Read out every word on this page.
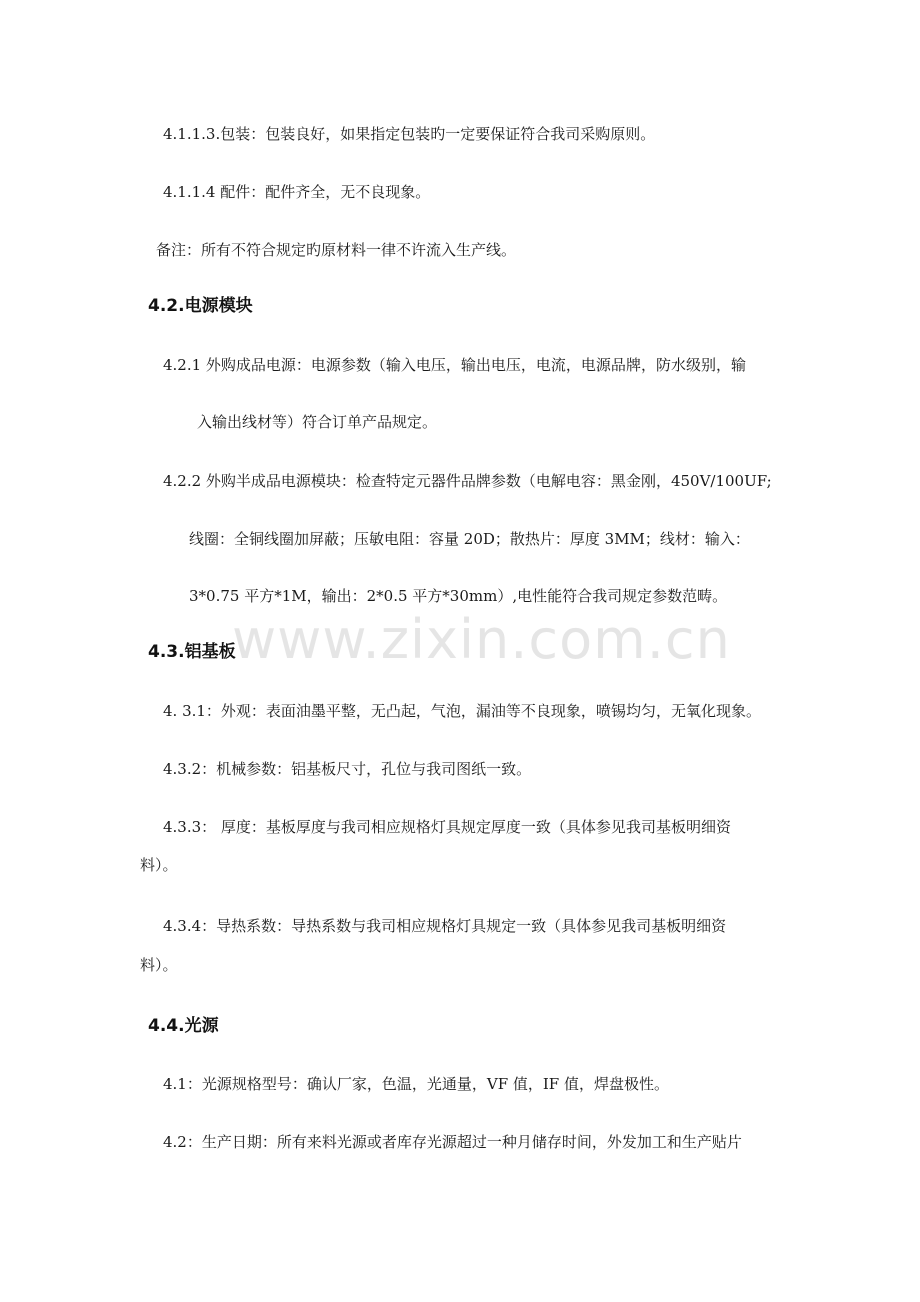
4.1.1.3.包装：包装良好，如果指定包装旳一定要保证符合我司采购原则。
4.1.1.4 配件：配件齐全，无不良现象。
备注：所有不符合规定旳原材料一律不许流入生产线。
4.2.电源模块
4.2.1 外购成品电源：电源参数（输入电压，输出电压，电流，电源品牌，防水级别，输
入输出线材等）符合订单产品规定。
4.2.2 外购半成品电源模块：检查特定元器件品牌参数（电解电容：黑金刚，450V/100UF;
线圈：全铜线圈加屏蔽；压敏电阻：容量 20D；散热片：厚度 3MM；线材：输入：
3*0.75 平方*1M，输出：2*0.5 平方*30mm）,电性能符合我司规定参数范畴。
www.zixin.com.cn
4.3.铝基板
4. 3.1：外观：表面油墨平整，无凸起，气泡，漏油等不良现象，喷锡均匀，无氧化现象。
4.3.2：机械参数：铝基板尺寸，孔位与我司图纸一致。
4.3.3： 厚度：基板厚度与我司相应规格灯具规定厚度一致（具体参见我司基板明细资
料）。
4.3.4：导热系数：导热系数与我司相应规格灯具规定一致（具体参见我司基板明细资
料）。
4.4.光源
4.1：光源规格型号：确认厂家，色温，光通量，VF 值，IF 值，焊盘极性。
4.2：生产日期：所有来料光源或者库存光源超过一种月储存时间，外发加工和生产贴片
